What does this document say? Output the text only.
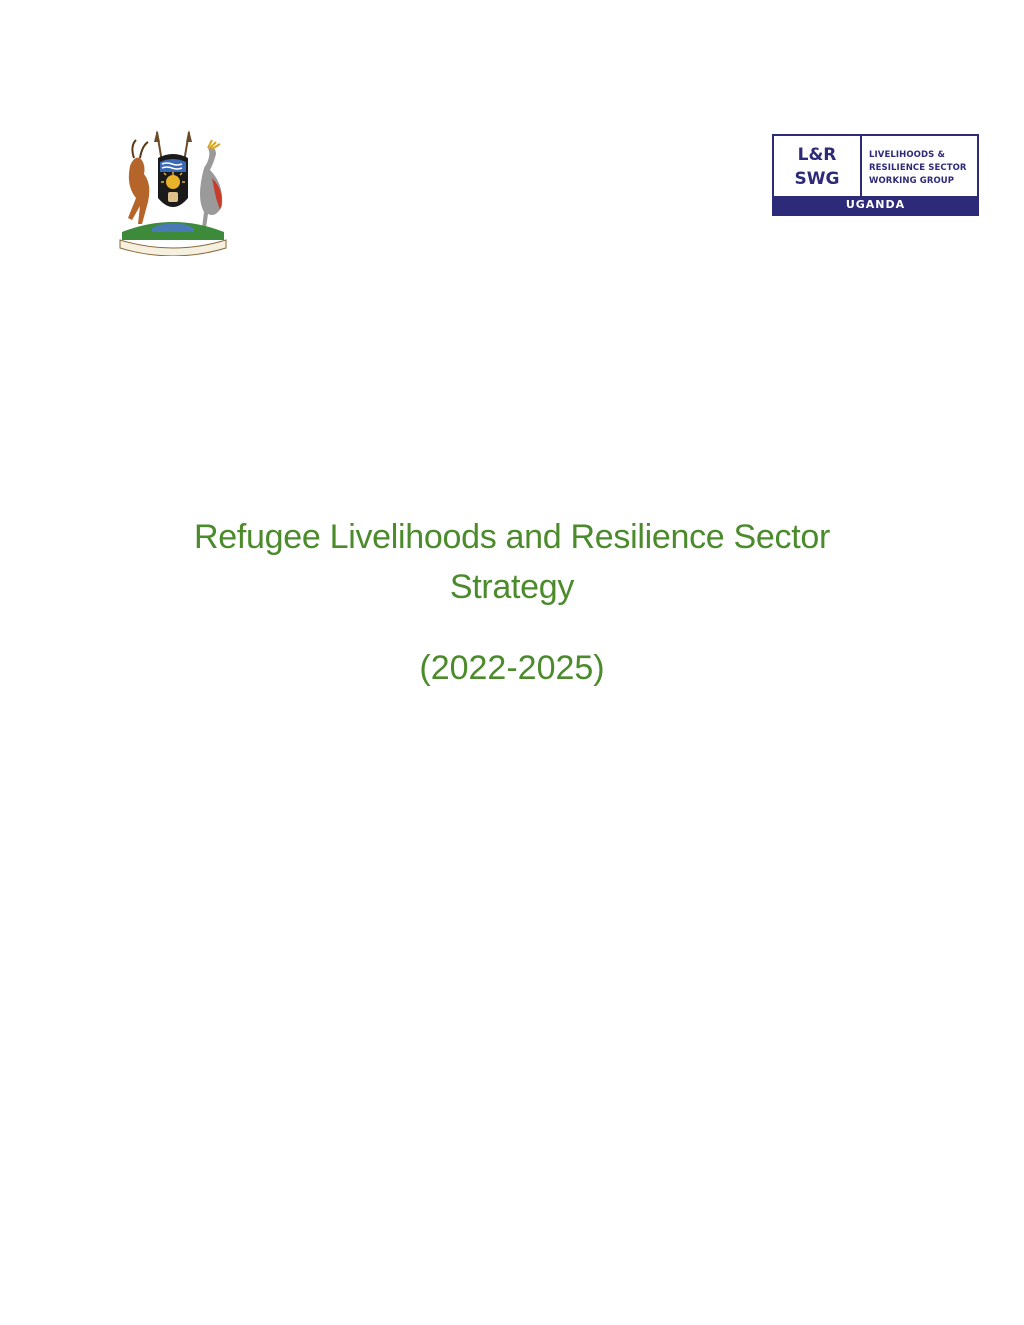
L&R
SWG
LIVELIHOODS &
RESILIENCE SECTOR
WORKING GROUP
UGANDA
Refugee Livelihoods and Resilience Sector Strategy
(2022-2025)
